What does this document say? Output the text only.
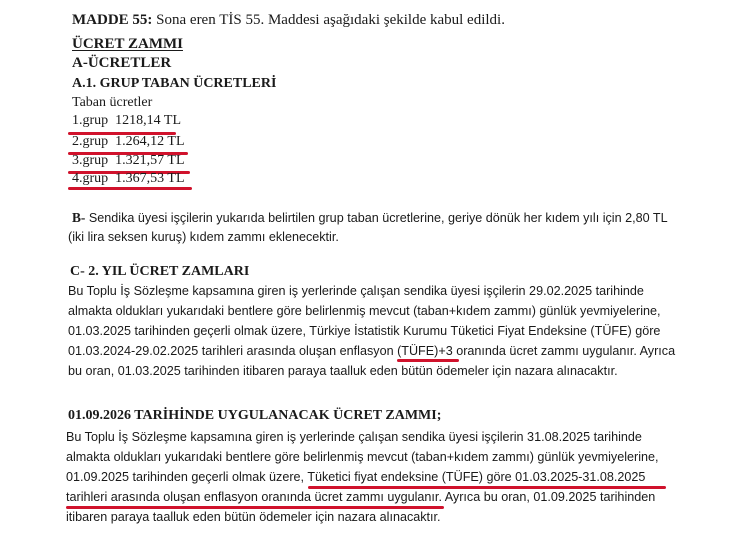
MADDE 55: Sona eren TİS 55. Maddesi aşağıdaki şekilde kabul edildi.
ÜCRET ZAMMI
A-ÜCRETLER
A.1. GRUP TABAN ÜCRETLERİ
Taban ücretler
1.grup 1218,14 TL
2.grup 1.264,12 TL
3.grup 1.321,57 TL
4.grup 1.367,53 TL
B- Sendika üyesi işçilerin yukarıda belirtilen grup taban ücretlerine, geriye dönük her kıdem yılı için 2,80 TL
(iki lira seksen kuruş) kıdem zammı eklenecektir.
C- 2. YIL ÜCRET ZAMLARI
Bu Toplu İş Sözleşme kapsamına giren iş yerlerinde çalışan sendika üyesi işçilerin 29.02.2025 tarihinde
almakta oldukları yukarıdaki bentlere göre belirlenmiş mevcut (taban+kıdem zammı) günlük yevmiyelerine,
01.03.2025 tarihinden geçerli olmak üzere, Türkiye İstatistik Kurumu Tüketici Fiyat Endeksine (TÜFE) göre
01.03.2024-29.02.2025 tarihleri arasında oluşan enflasyon (TÜFE)+3 oranında ücret zammı uygulanır. Ayrıca
bu oran, 01.03.2025 tarihinden itibaren paraya taalluk eden bütün ödemeler için nazara alınacaktır.
01.09.2026 TARİHİNDE UYGULANACAK ÜCRET ZAMMI;
Bu Toplu İş Sözleşme kapsamına giren iş yerlerinde çalışan sendika üyesi işçilerin 31.08.2025 tarihinde
almakta oldukları yukarıdaki bentlere göre belirlenmiş mevcut (taban+kıdem zammı) günlük yevmiyelerine,
01.09.2025 tarihinden geçerli olmak üzere, Tüketici fiyat endeksine (TÜFE) göre 01.03.2025-31.08.2025
tarihleri arasında oluşan enflasyon oranında ücret zammı uygulanır. Ayrıca bu oran, 01.09.2025 tarihinden
itibaren paraya taalluk eden bütün ödemeler için nazara alınacaktır.
